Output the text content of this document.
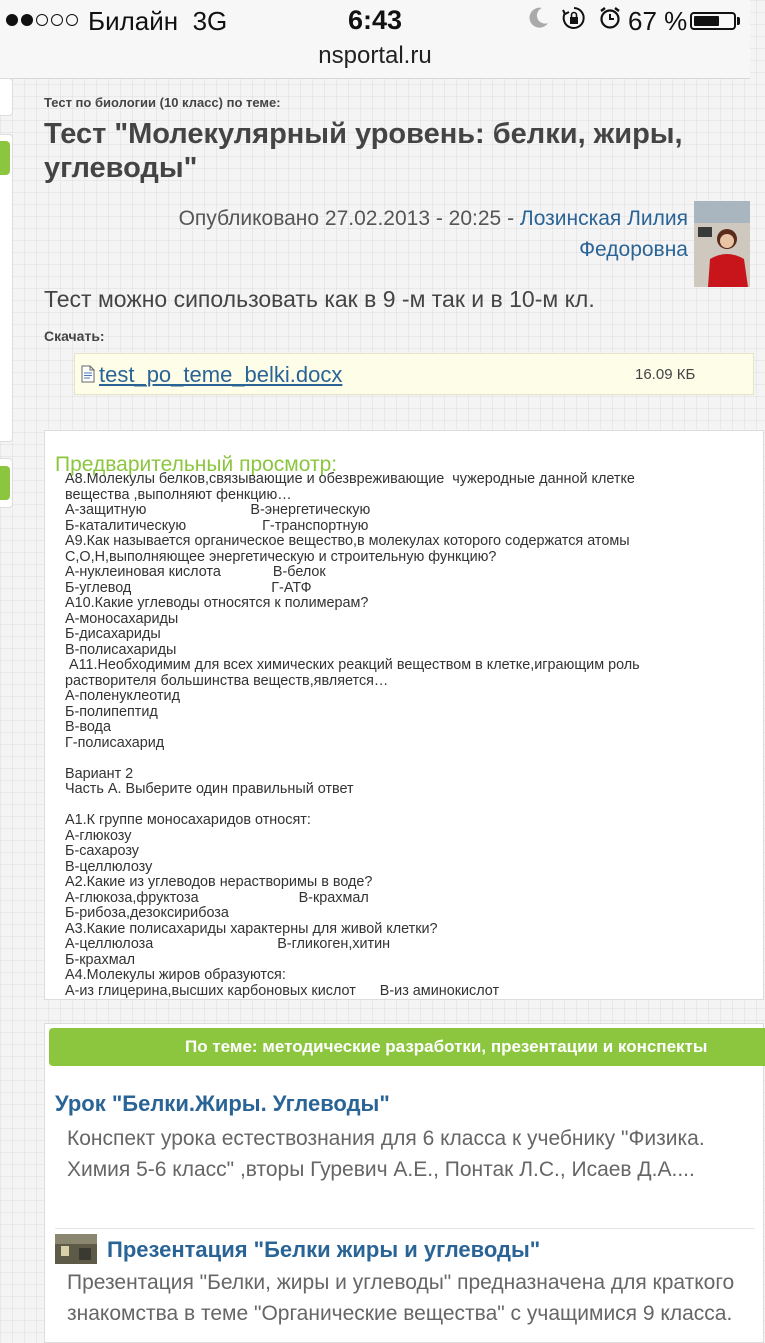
Билайн 3G	6:43	67 %
nsportal.ru
Тест по биологии (10 класс) по теме:
Тест "Молекулярный уровень: белки, жиры, углеводы"
Опубликовано 27.02.2013 - 20:25 - Лозинская Лилия Федоровна
Тест можно сипользовать как в 9 -м так и в 10-м кл.
Скачать:
test_po_teme_belki.docx	16.09 КБ
Предварительный просмотр:
А8.Молекулы белков,связывающие и обезвреживающие  чужеродные данной клетке
вещества ,выполняют фенкцию…
А-защитную                          В-энергетическую
Б-каталитическую                   Г-транспортную
А9.Как называется органическое вещество,в молекулах которого содержатся атомы
С,О,Н,выполняющее энергетическую и строительную функцию?
А-нуклеиновая кислота             В-белок
Б-углевод                                   Г-АТФ
А10.Какие углеводы относятся к полимерам?
А-моносахариды
Б-дисахариды
В-полисахариды
А11.Необходимим для всех химических реакций веществом в клетке,играющим роль
растворителя большинства веществ,является…
А-поленуклеотид
Б-полипептид
В-вода
Г-полисахарид
Вариант 2
Часть А. Выберите один правильный ответ
А1.К группе моносахаридов относят:
А-глюкозу
Б-сахарозу
В-целлюлозу
А2.Какие из углеводов нерастворимы в воде?
А-глюкоза,фруктоза                         В-крахмал
Б-рибоза,дезоксирибоза
А3.Какие полисахариды характерны для живой клетки?
А-целлюлоза                               В-гликоген,хитин
Б-крахмал
А4.Молекулы жиров образуются:
А-из глицерина,высших карбоновых кислот      В-из аминокислот
По теме: методические разработки, презентации и конспекты
Урок "Белки.Жиры. Углеводы"
Конспект урока естествознания для 6 класса к учебнику "Физика. Химия 5-6 класс" ,вторы Гуревич А.Е., Понтак Л.С., Исаев Д.А....
Презентация "Белки жиры и углеводы"
Презентация "Белки, жиры и углеводы" предназначена для краткого знакомства в теме "Органические вещества" с учащимися 9 класса.
